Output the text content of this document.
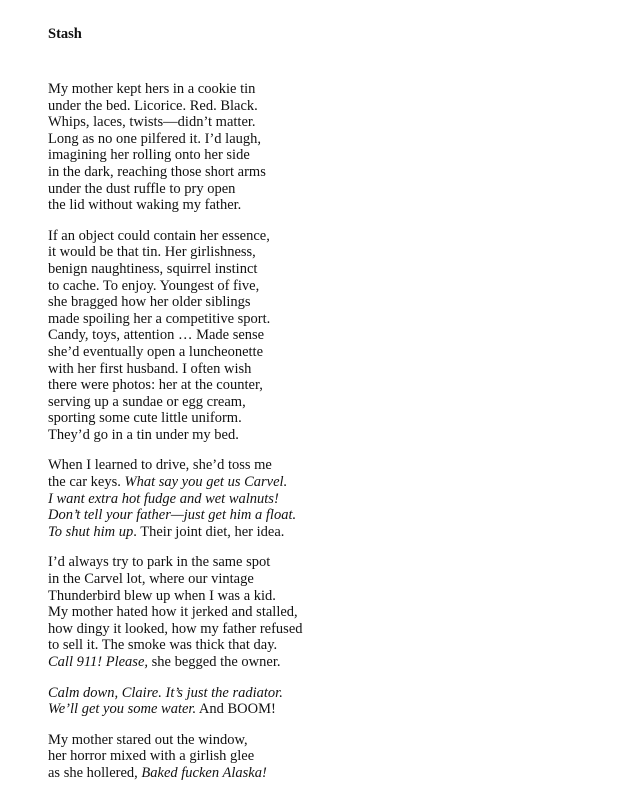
Stash
My mother kept hers in a cookie tin
under the bed. Licorice. Red. Black.
Whips, laces, twists—didn’t matter.
Long as no one pilfered it. I’d laugh,
imagining her rolling onto her side
in the dark, reaching those short arms
under the dust ruffle to pry open
the lid without waking my father.
If an object could contain her essence,
it would be that tin. Her girlishness,
benign naughtiness, squirrel instinct
to cache. To enjoy. Youngest of five,
she bragged how her older siblings
made spoiling her a competitive sport.
Candy, toys, attention … Made sense
she’d eventually open a luncheonette
with her first husband. I often wish
there were photos: her at the counter,
serving up a sundae or egg cream,
sporting some cute little uniform.
They’d go in a tin under my bed.
When I learned to drive, she’d toss me
the car keys. What say you get us Carvel.
I want extra hot fudge and wet walnuts!
Don’t tell your father—just get him a float.
To shut him up. Their joint diet, her idea.
I’d always try to park in the same spot
in the Carvel lot, where our vintage
Thunderbird blew up when I was a kid.
My mother hated how it jerked and stalled,
how dingy it looked, how my father refused
to sell it. The smoke was thick that day.
Call 911! Please, she begged the owner.
Calm down, Claire. It’s just the radiator.
We’ll get you some water. And BOOM!
My mother stared out the window,
her horror mixed with a girlish glee
as she hollered, Baked fucken Alaska!
